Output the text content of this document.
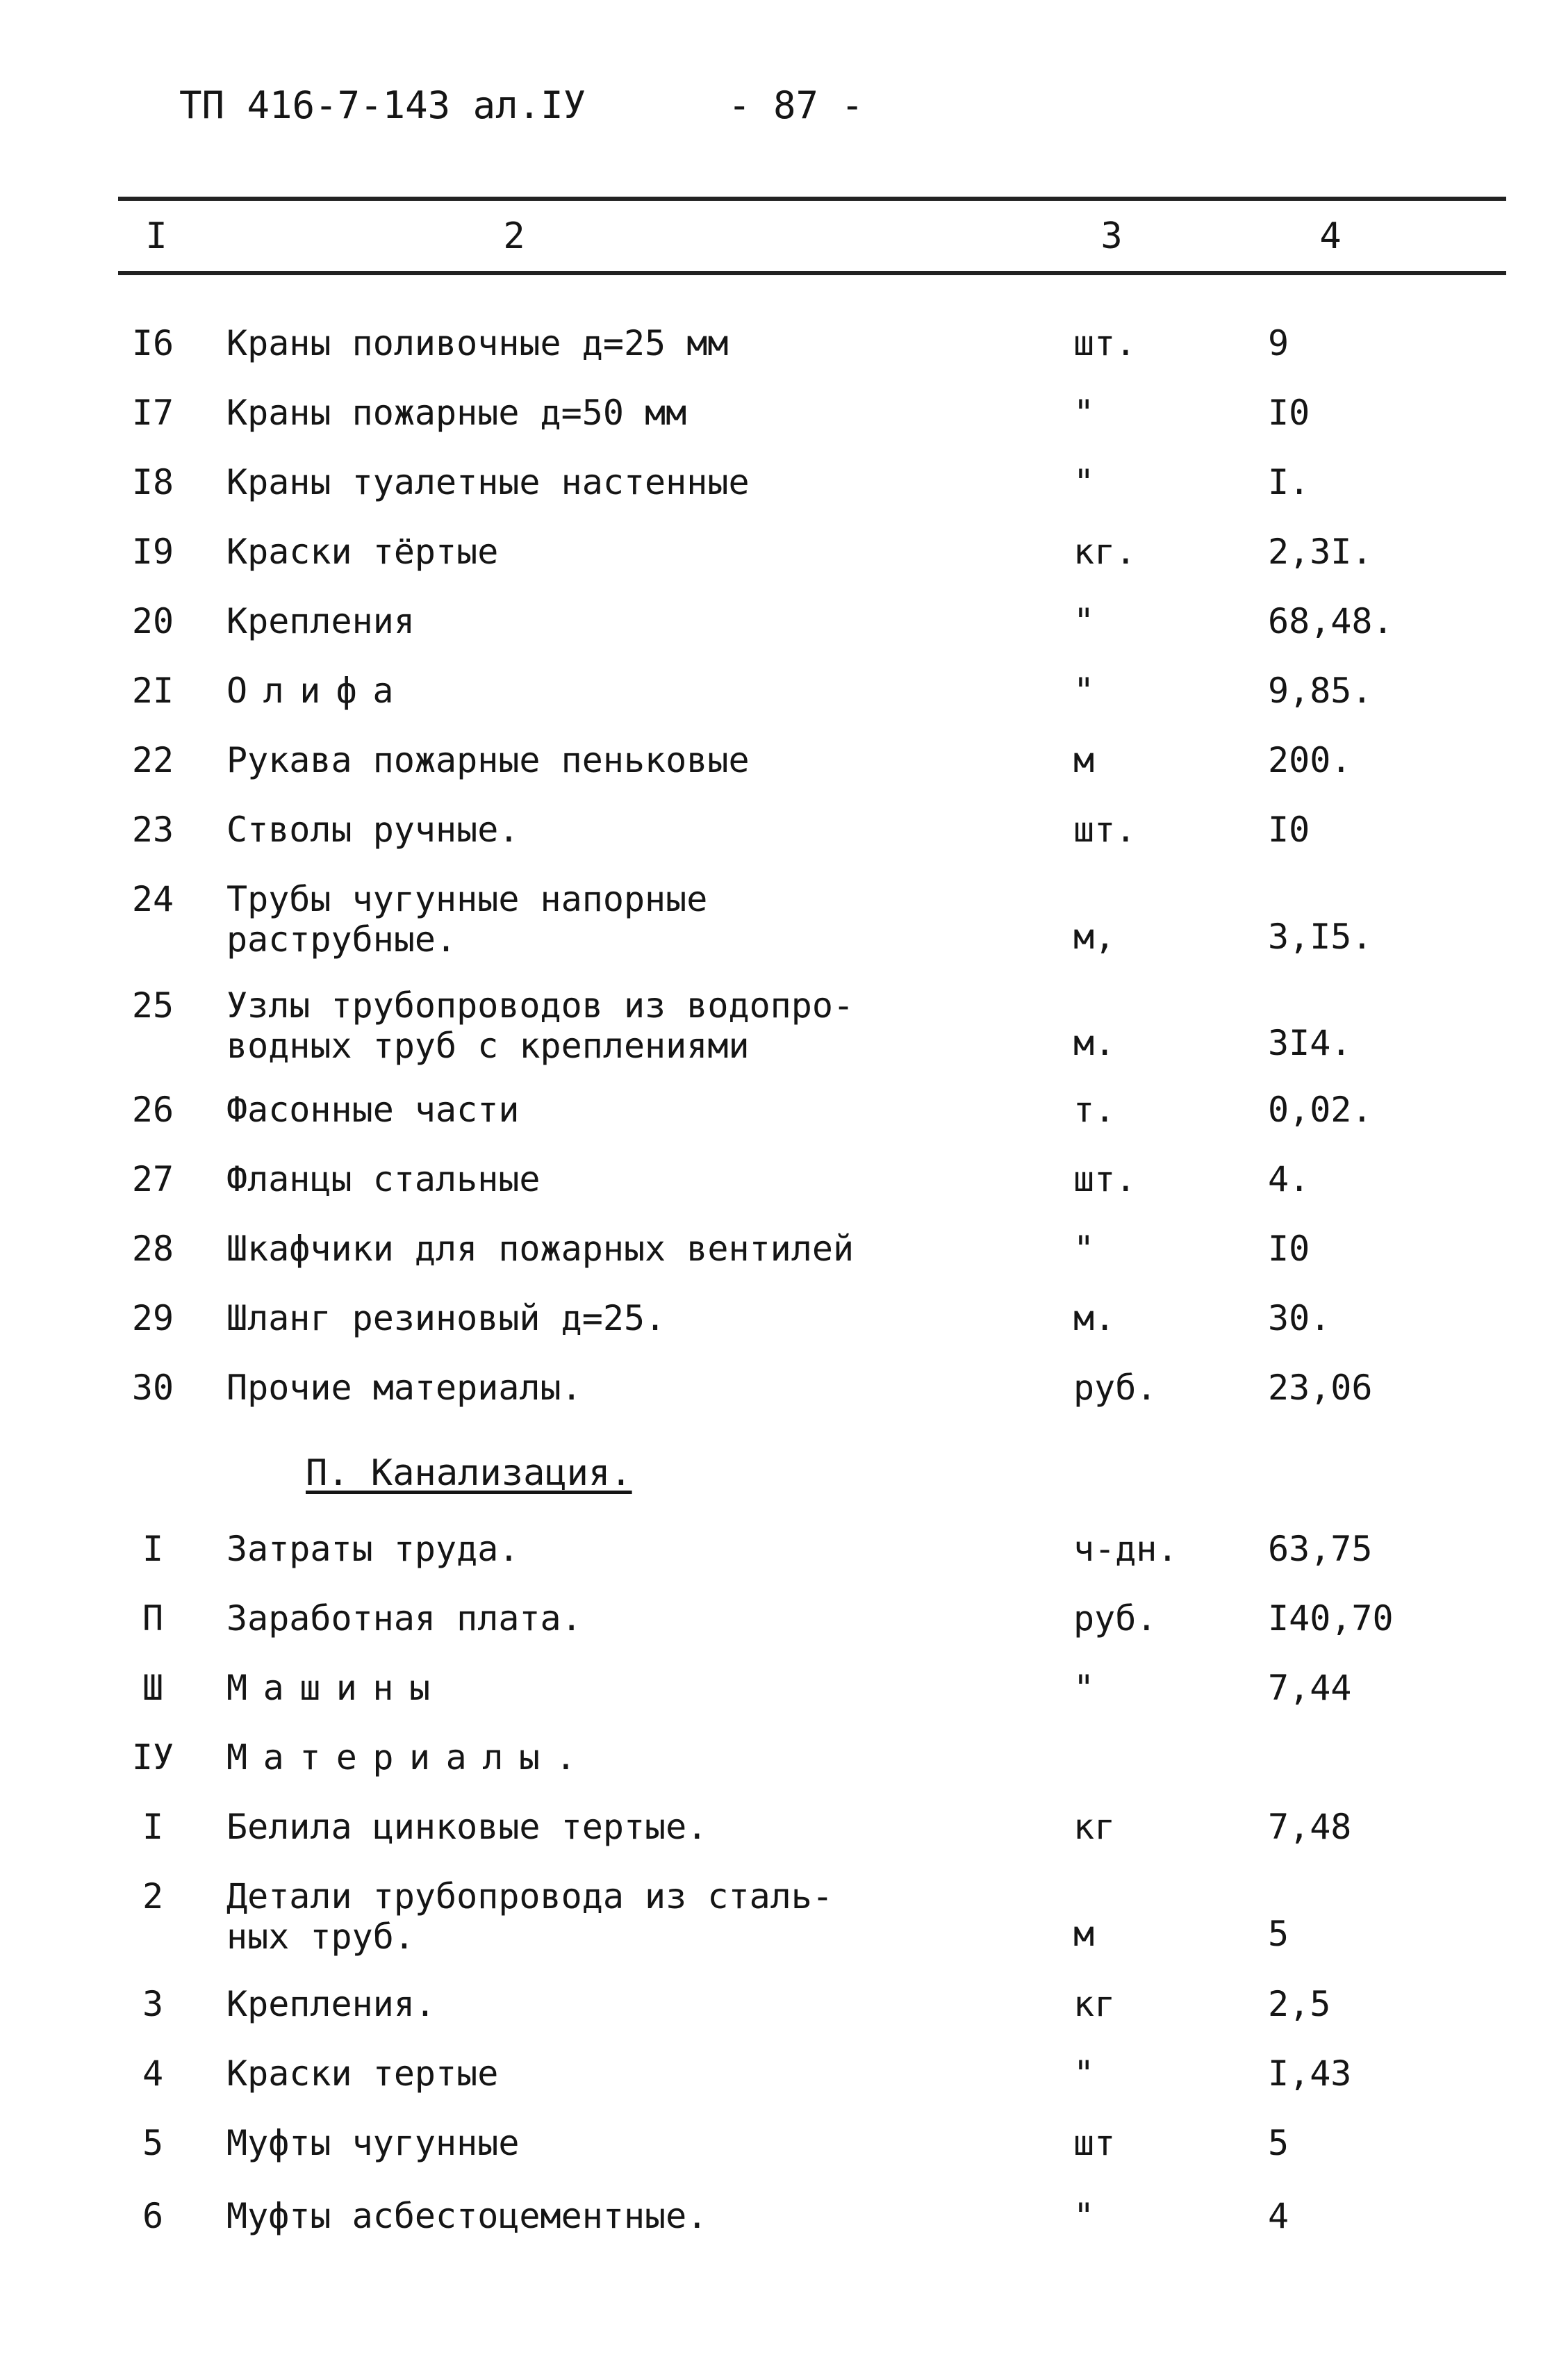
ТП 416-7-143 ал.IУ	- 87 -
I	2	3	4
I6	Краны поливочные д=25 мм	шт.	9
I7	Краны пожарные д=50 мм	"	I0
I8	Краны туалетные настенные	"	I.
I9	Краски тёртые	кг.	2,3I.
20	Крепления	"	68,48.
2I	Олифа	"	9,85.
22	Рукава пожарные пеньковые	м	200.
23	Стволы ручные.	шт.	I0
24	Трубы чугунные напорные
раструбные.	м,	3,I5.
25	Узлы трубопроводов из водопро-
водных труб с креплениями	м.	3I4.
26	Фасонные части	т.	0,02.
27	Фланцы стальные	шт.	4.
28	Шкафчики для пожарных вентилей	"	I0
29	Шланг резиновый д=25.	м.	30.
30	Прочие материалы.	руб.	23,06
П. Канализация.
I	Затраты труда.	ч-дн.	63,75
П	Заработная плата.	руб.	I40,70
Ш	Машины	"	7,44
IУ	Материалы.
I	Белила цинковые тертые.	кг	7,48
2	Детали трубопровода из сталь-
ных труб.	м	5
3	Крепления.	кг	2,5
4	Краски тертые	"	I,43
5	Муфты чугунные	шт	5
6	Муфты асбестоцементные.	"	4
